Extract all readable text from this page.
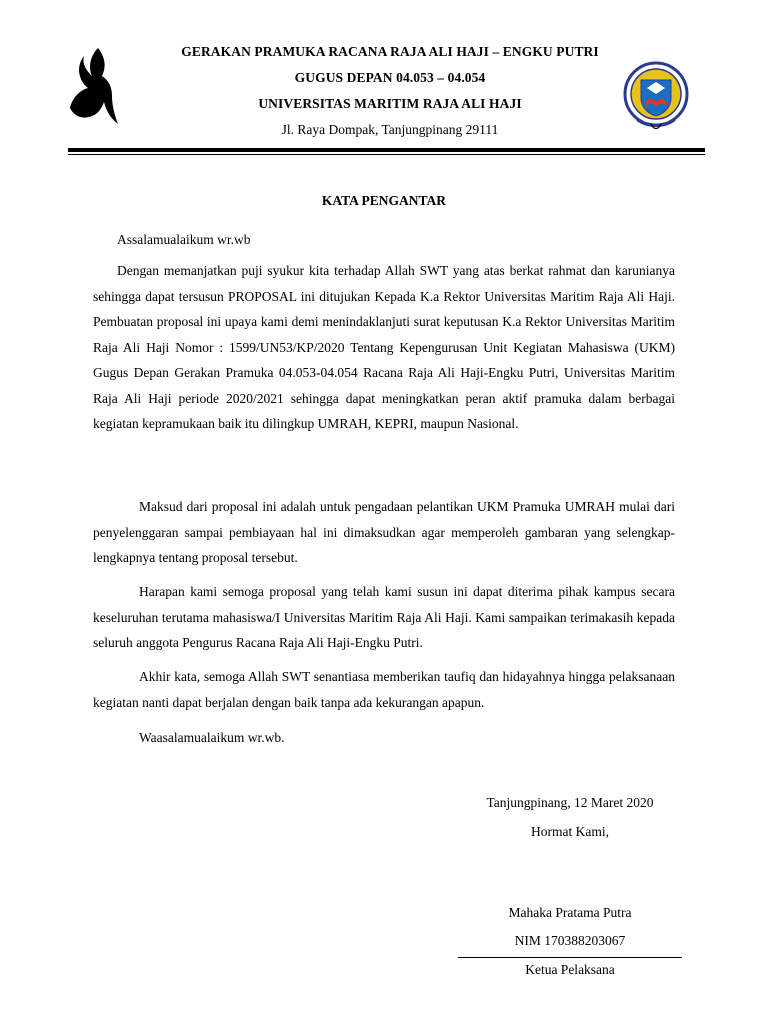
GERAKAN PRAMUKA RACANA RAJA ALI HAJI – ENGKU PUTRI
GUGUS DEPAN 04.053 – 04.054
UNIVERSITAS MARITIM RAJA ALI HAJI
Jl. Raya Dompak, Tanjungpinang 29111
KATA PENGANTAR
Assalamualaikum wr.wb
Dengan memanjatkan puji syukur kita terhadap Allah SWT yang atas berkat rahmat dan karunianya sehingga dapat tersusun PROPOSAL ini ditujukan Kepada K.a Rektor Universitas Maritim Raja Ali Haji. Pembuatan proposal ini upaya kami demi menindaklanjuti surat keputusan K.a Rektor Universitas Maritim Raja Ali Haji Nomor : 1599/UN53/KP/2020 Tentang Kepengurusan Unit Kegiatan Mahasiswa (UKM) Gugus Depan Gerakan Pramuka 04.053-04.054 Racana Raja Ali Haji-Engku Putri, Universitas Maritim Raja Ali Haji periode 2020/2021 sehingga dapat meningkatkan peran aktif pramuka dalam berbagai kegiatan kepramukaan baik itu dilingkup UMRAH, KEPRI, maupun Nasional.
Maksud dari proposal ini adalah untuk pengadaan pelantikan UKM Pramuka UMRAH mulai dari penyelenggaran sampai pembiayaan hal ini dimaksudkan agar memperoleh gambaran yang selengkap-lengkapnya tentang proposal tersebut.
Harapan kami semoga proposal yang telah kami susun ini dapat diterima pihak kampus secara keseluruhan terutama mahasiswa/I Universitas Maritim Raja Ali Haji. Kami sampaikan terimakasih kepada seluruh anggota Pengurus Racana Raja Ali Haji-Engku Putri.
Akhir kata, semoga Allah SWT senantiasa memberikan taufiq dan hidayahnya hingga pelaksanaan kegiatan nanti dapat berjalan dengan baik tanpa ada kekurangan apapun.
Waasalamualaikum wr.wb.
Tanjungpinang, 12 Maret 2020
Hormat Kami,
Mahaka Pratama Putra
NIM 170388203067
Ketua Pelaksana
